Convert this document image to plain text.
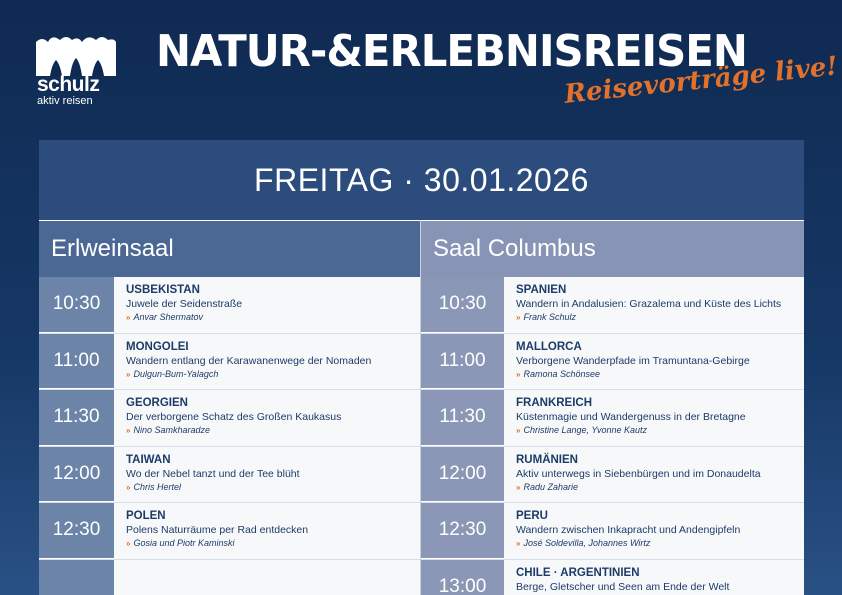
schulz
aktiv reisen
NATUR-&ERLEBNISREISEN
Reisevorträge live!
FREITAG · 30.01.2026
Erlweinsaal
10:30
USBEKISTAN
Juwele der Seidenstraße
» Anvar Shermatov
11:00
MONGOLEI
Wandern entlang der Karawanenwege der Nomaden
» Dulgun-Bum-Yalagch
11:30
GEORGIEN
Der verborgene Schatz des Großen Kaukasus
» Nino Samkharadze
12:00
TAIWAN
Wo der Nebel tanzt und der Tee blüht
» Chris Hertel
12:30
POLEN
Polens Naturräume per Rad entdecken
» Gosia und Piotr Kaminski
Saal Columbus
10:30
SPANIEN
Wandern in Andalusien: Grazalema und Küste des Lichts
» Frank Schulz
11:00
MALLORCA
Verborgene Wanderpfade im Tramuntana-Gebirge
» Ramona Schönsee
11:30
FRANKREICH
Küstenmagie und Wandergenuss in der Bretagne
» Christine Lange, Yvonne Kautz
12:00
RUMÄNIEN
Aktiv unterwegs in Siebenbürgen und im Donaudelta
» Radu Zaharie
12:30
PERU
Wandern zwischen Inkapracht und Andengipfeln
» José Soldevilla, Johannes Wirtz
13:00
CHILE · ARGENTINIEN
Berge, Gletscher und Seen am Ende der Welt
